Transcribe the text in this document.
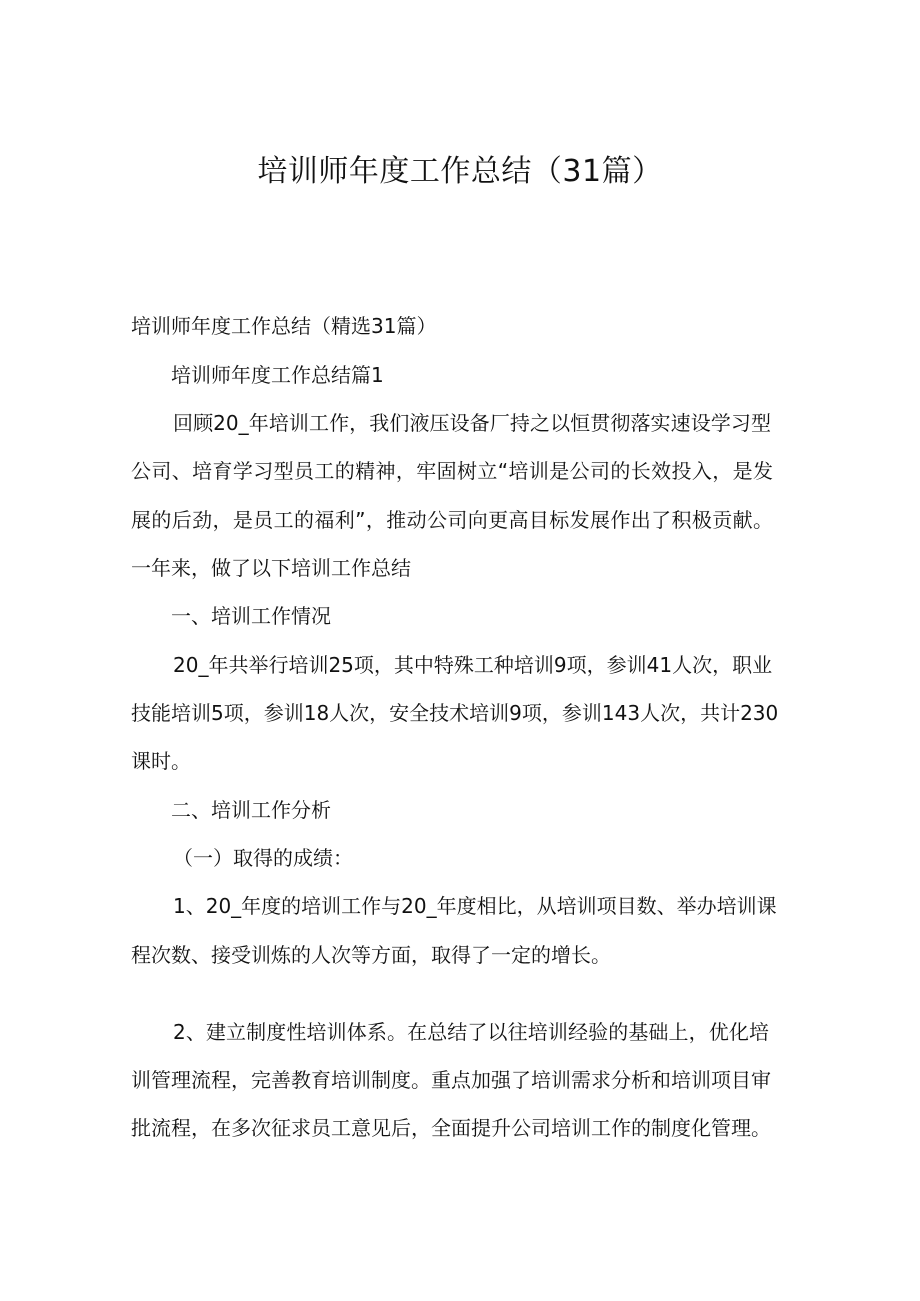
培训师年度工作总结（31篇）
培训师年度工作总结（精选31篇）
培训师年度工作总结篇1
回顾20_年培训工作，我们液压设备厂持之以恒贯彻落实速设学习型
公司、培育学习型员工的精神，牢固树立“培训是公司的长效投入，是发
展的后劲，是员工的福利”，推动公司向更高目标发展作出了积极贡献。
一年来，做了以下培训工作总结
一、培训工作情况
20_年共举行培训25项，其中特殊工种培训9项，参训41人次，职业
技能培训5项，参训18人次，安全技术培训9项，参训143人次，共计230
课时。
二、培训工作分析
（一）取得的成绩：
1、20_年度的培训工作与20_年度相比，从培训项目数、举办培训课
程次数、接受训炼的人次等方面，取得了一定的增长。
2、建立制度性培训体系。在总结了以往培训经验的基础上，优化培
训管理流程，完善教育培训制度。重点加强了培训需求分析和培训项目审
批流程，在多次征求员工意见后，全面提升公司培训工作的制度化管理。
